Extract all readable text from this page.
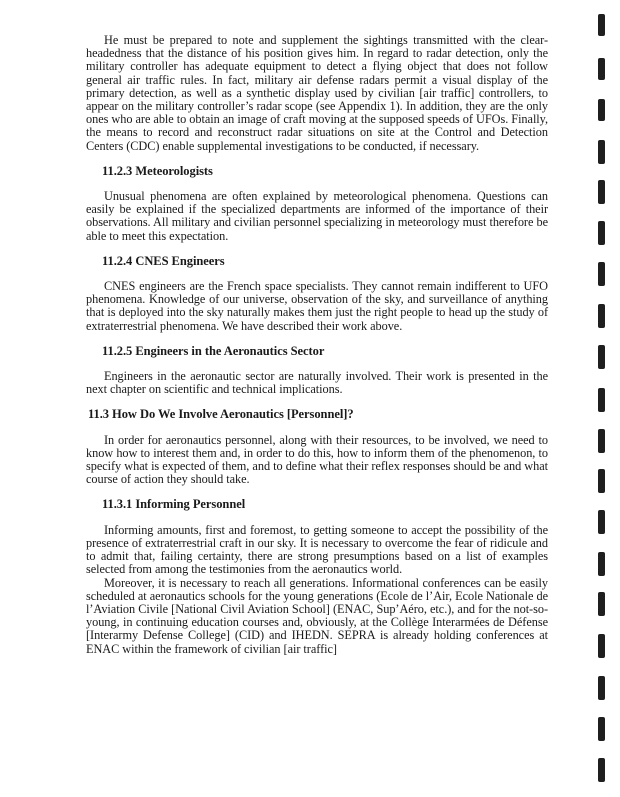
He must be prepared to note and supplement the sightings transmitted with the clear-headedness that the distance of his position gives him. In regard to radar detection, only the military controller has adequate equipment to detect a flying object that does not follow general air traffic rules. In fact, military air defense radars permit a visual display of the primary detection, as well as a synthetic display used by civilian [air traffic] controllers, to appear on the military controller’s radar scope (see Appendix 1). In addition, they are the only ones who are able to obtain an image of craft moving at the supposed speeds of UFOs. Finally, the means to record and reconstruct radar situations on site at the Control and Detection Centers (CDC) enable supplemental investigations to be conducted, if necessary.

11.2.3 Meteorologists

Unusual phenomena are often explained by meteorological phenomena. Questions can easily be explained if the specialized departments are informed of the importance of their observations. All military and civilian personnel specializing in meteorology must therefore be able to meet this expectation.

11.2.4 CNES Engineers

CNES engineers are the French space specialists. They cannot remain indifferent to UFO phenomena. Knowledge of our universe, observation of the sky, and surveillance of anything that is deployed into the sky naturally makes them just the right people to head up the study of extraterrestrial phenomena. We have described their work above.

11.2.5 Engineers in the Aeronautics Sector

Engineers in the aeronautic sector are naturally involved. Their work is presented in the next chapter on scientific and technical implications.

11.3 How Do We Involve Aeronautics [Personnel]?

In order for aeronautics personnel, along with their resources, to be involved, we need to know how to interest them and, in order to do this, how to inform them of the phenomenon, to specify what is expected of them, and to define what their reflex responses should be and what course of action they should take.

11.3.1 Informing Personnel

Informing amounts, first and foremost, to getting someone to accept the possibility of the presence of extraterrestrial craft in our sky. It is necessary to overcome the fear of ridicule and to admit that, failing certainty, there are strong presumptions based on a list of examples selected from among the testimonies from the aeronautics world.

Moreover, it is necessary to reach all generations. Informational conferences can be easily scheduled at aeronautics schools for the young generations (Ecole de l’Air, Ecole Nationale de l’Aviation Civile [National Civil Aviation School] (ENAC, Sup’Aéro, etc.), and for the not-so-young, in continuing education courses and, obviously, at the Collège Interarmées de Défense [Interarmy Defense College] (CID) and IHEDN. SEPRA is already holding conferences at ENAC within the framework of civilian [air traffic]
